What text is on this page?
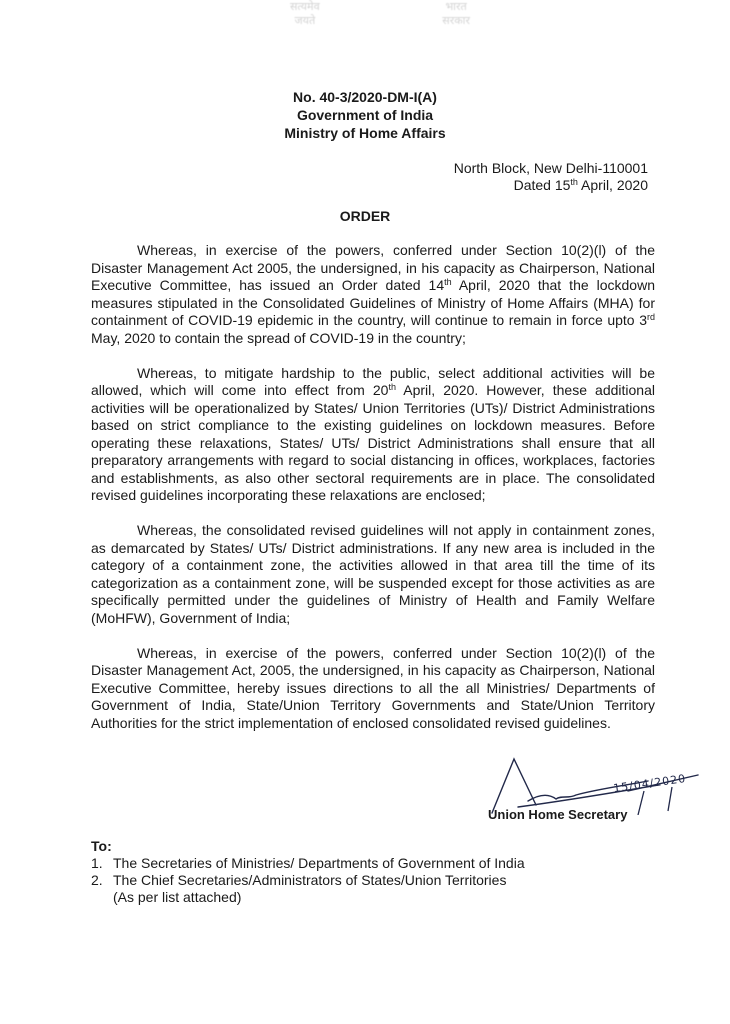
सत्यमेव
जयते
भारत
सरकार
No. 40-3/2020-DM-I(A)
Government of India
Ministry of Home Affairs
North Block, New Delhi-110001
Dated 15th April, 2020
ORDER

Whereas, in exercise of the powers, conferred under Section 10(2)(l) of the Disaster Management Act 2005, the undersigned, in his capacity as Chairperson, National Executive Committee, has issued an Order dated 14th April, 2020 that the lockdown measures stipulated in the Consolidated Guidelines of Ministry of Home Affairs (MHA) for containment of COVID-19 epidemic in the country, will continue to remain in force upto 3rd May, 2020 to contain the spread of COVID-19 in the country;

Whereas, to mitigate hardship to the public, select additional activities will be allowed, which will come into effect from 20th April, 2020. However, these additional activities will be operationalized by States/ Union Territories (UTs)/ District Administrations based on strict compliance to the existing guidelines on lockdown measures. Before operating these relaxations, States/ UTs/ District Administrations shall ensure that all preparatory arrangements with regard to social distancing in offices, workplaces, factories and establishments, as also other sectoral requirements are in place. The consolidated revised guidelines incorporating these relaxations are enclosed;

Whereas, the consolidated revised guidelines will not apply in containment zones, as demarcated by States/ UTs/ District administrations. If any new area is included in the category of a containment zone, the activities allowed in that area till the time of its categorization as a containment zone, will be suspended except for those activities as are specifically permitted under the guidelines of Ministry of Health and Family Welfare (MoHFW), Government of India;

Whereas, in exercise of the powers, conferred under Section 10(2)(l) of the Disaster Management Act, 2005, the undersigned, in his capacity as Chairperson, National Executive Committee, hereby issues directions to all the all Ministries/ Departments of Government of India, State/Union Territory Governments and State/Union Territory Authorities for the strict implementation of enclosed consolidated revised guidelines.

15/04/2020
Union Home Secretary
To:
1. The Secretaries of Ministries/ Departments of Government of India
2. The Chief Secretaries/Administrators of States/Union Territories
(As per list attached)
